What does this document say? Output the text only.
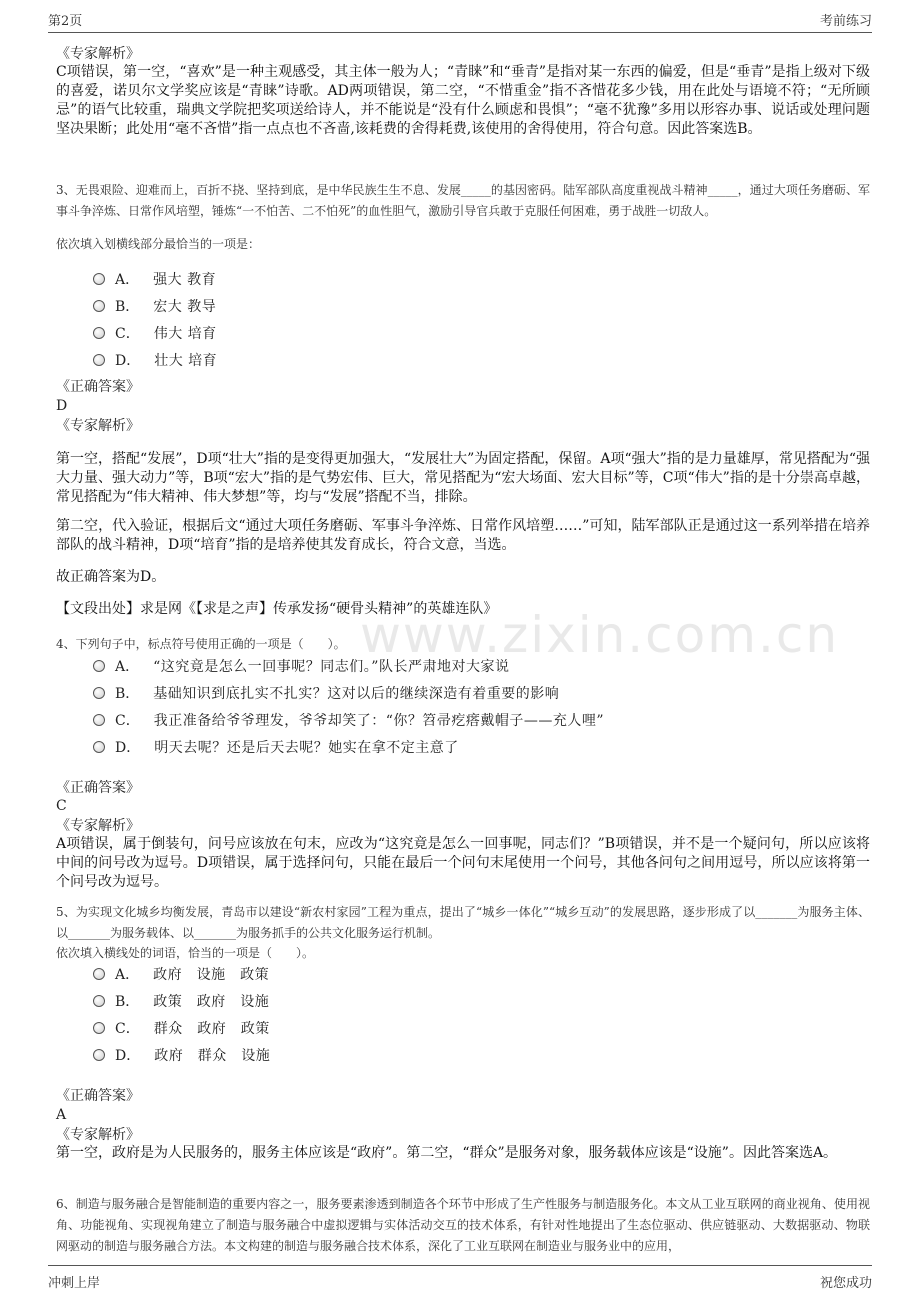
第2页	考前练习
www.zixin.com.cn
《专家解析》
C项错误，第一空，“喜欢”是一种主观感受，其主体一般为人；“青睐”和“垂青”是指对某一东西的偏爱，但是“垂青”是指上级对下级的喜爱，诺贝尔文学奖应该是“青睐”诗歌。AD两项错误，第二空，“不惜重金”指不吝惜花多少钱，用在此处与语境不符；“无所顾忌”的语气比较重，瑞典文学院把奖项送给诗人，并不能说是“没有什么顾虑和畏惧”；“毫不犹豫”多用以形容办事、说话或处理问题坚决果断；此处用“毫不吝惜”指一点点也不吝啬,该耗费的舍得耗费,该使用的舍得使用，符合句意。因此答案选B。
3、无畏艰险、迎难而上，百折不挠、坚持到底，是中华民族生生不息、发展_____的基因密码。陆军部队高度重视战斗精神_____，通过大项任务磨砺、军事斗争淬炼、日常作风培塑，锤炼“一不怕苦、二不怕死”的血性胆气，激励引导官兵敢于克服任何困难，勇于战胜一切敌人。
依次填入划横线部分最恰当的一项是：
A． 强大 教育
B． 宏大 教导
C． 伟大 培育
D． 壮大 培育
《正确答案》
D
《专家解析》
第一空，搭配“发展”，D项“壮大”指的是变得更加强大，“发展壮大”为固定搭配，保留。A项“强大”指的是力量雄厚，常见搭配为“强大力量、强大动力”等，B项“宏大”指的是气势宏伟、巨大，常见搭配为“宏大场面、宏大目标”等，C项“伟大”指的是十分崇高卓越，常见搭配为“伟大精神、伟大梦想”等，均与“发展”搭配不当，排除。
第二空，代入验证，根据后文“通过大项任务磨砺、军事斗争淬炼、日常作风培塑……”可知，陆军部队正是通过这一系列举措在培养部队的战斗精神，D项“培育”指的是培养使其发育成长，符合文意，当选。
故正确答案为D。
【文段出处】求是网《【求是之声】传承发扬“硬骨头精神”的英雄连队》
4、下列句子中，标点符号使用正确的一项是（　　）。
A． “这究竟是怎么一回事呢？同志们。”队长严肃地对大家说
B． 基础知识到底扎实不扎实？这对以后的继续深造有着重要的影响
C． 我正准备给爷爷理发，爷爷却笑了：“你？笤帚疙瘩戴帽子——充人哩”
D． 明天去呢？还是后天去呢？她实在拿不定主意了
《正确答案》
C
《专家解析》
A项错误，属于倒装句，问号应该放在句末，应改为“这究竟是怎么一回事呢，同志们？”B项错误，并不是一个疑问句，所以应该将中间的问号改为逗号。D项错误，属于选择问句，只能在最后一个问句末尾使用一个问号，其他各问句之间用逗号，所以应该将第一个问号改为逗号。
5、为实现文化城乡均衡发展，青岛市以建设“新农村家园”工程为重点，提出了“城乡一体化”“城乡互动”的发展思路，逐步形成了以_______为服务主体、以_______为服务载体、以_______为服务抓手的公共文化服务运行机制。
依次填入横线处的词语，恰当的一项是（　　）。
A． 政府　设施　政策
B． 政策　政府　设施
C． 群众　政府　政策
D． 政府　群众　设施
《正确答案》
A
《专家解析》
第一空，政府是为人民服务的，服务主体应该是“政府”。第二空，“群众”是服务对象，服务载体应该是“设施”。因此答案选A。
6、制造与服务融合是智能制造的重要内容之一，服务要素渗透到制造各个环节中形成了生产性服务与制造服务化。本文从工业互联网的商业视角、使用视角、功能视角、实现视角建立了制造与服务融合中虚拟逻辑与实体活动交互的技术体系，有针对性地提出了生态位驱动、供应链驱动、大数据驱动、物联网驱动的制造与服务融合方法。本文构建的制造与服务融合技术体系，深化了工业互联网在制造业与服务业中的应用，
冲刺上岸	祝您成功
